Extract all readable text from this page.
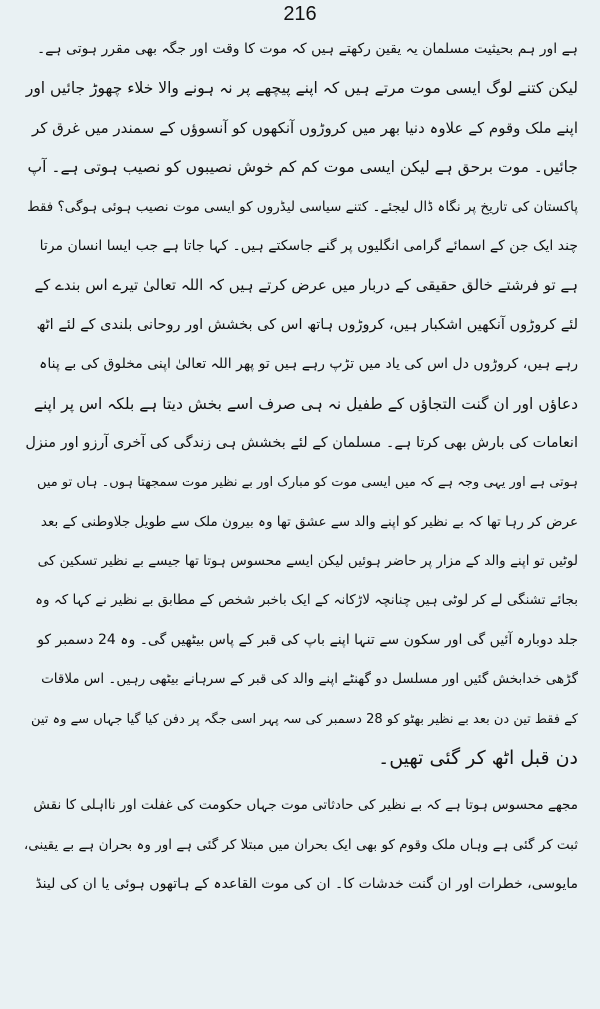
216
ہے اور ہم بحیثیت مسلمان یہ یقین رکھتے ہیں کہ موت کا وقت اور جگہ بھی مقرر ہوتی ہے۔
لیکن کتنے لوگ ایسی موت مرتے ہیں کہ اپنے پیچھے پر نہ ہونے والا خلاء چھوڑ جائیں اور
اپنے ملک وقوم کے علاوہ دنیا بھر میں کروڑوں آنکھوں کو آنسوؤں کے سمندر میں غرق کر
جائیں۔ موت برحق ہے لیکن ایسی موت کم کم خوش نصیبوں کو نصیب ہوتی ہے۔ آپ
پاکستان کی تاریخ پر نگاہ ڈال لیجئے۔ کتنے سیاسی لیڈروں کو ایسی موت نصیب ہوئی ہوگی؟ فقط
چند ایک جن کے اسمائے گرامی انگلیوں پر گنے جاسکتے ہیں۔ کہا جاتا ہے جب ایسا انسان مرتا
ہے تو فرشتے خالق حقیقی کے دربار میں عرض کرتے ہیں کہ اللہ تعالیٰ تیرے اس بندے کے
لئے کروڑوں آنکھیں اشکبار ہیں، کروڑوں ہاتھ اس کی بخشش اور روحانی بلندی کے لئے اٹھ
رہے ہیں، کروڑوں دل اس کی یاد میں تڑپ رہے ہیں تو پھر اللہ تعالیٰ اپنی مخلوق کی بے پناہ
دعاؤں اور ان گنت التجاؤں کے طفیل نہ ہی صرف اسے بخش دیتا ہے بلکہ اس پر اپنے
انعامات کی بارش بھی کرتا ہے۔ مسلمان کے لئے بخشش ہی زندگی کی آخری آرزو اور منزل
ہوتی ہے اور یہی وجہ ہے کہ میں ایسی موت کو مبارک اور بے نظیر موت سمجھتا ہوں۔ ہاں تو میں
عرض کر رہا تھا کہ بے نظیر کو اپنے والد سے عشق تھا وہ بیرون ملک سے طویل جلاوطنی کے بعد
لوٹیں تو اپنے والد کے مزار پر حاضر ہوئیں لیکن ایسے محسوس ہوتا تھا جیسے بے نظیر تسکین کی
بجائے تشنگی لے کر لوٹی ہیں چنانچہ لاڑکانہ کے ایک باخبر شخص کے مطابق بے نظیر نے کہا کہ وہ
جلد دوبارہ آئیں گی اور سکون سے تنہا اپنے باپ کی قبر کے پاس بیٹھیں گی۔ وہ 24 دسمبر کو
گڑھی خدابخش گئیں اور مسلسل دو گھنٹے اپنے والد کی قبر کے سرہانے بیٹھی رہیں۔ اس ملاقات
کے فقط تین دن بعد بے نظیر بھٹو کو 28 دسمبر کی سہ پہر اسی جگہ پر دفن کیا گیا جہاں سے وہ تین
دن قبل اٹھ کر گئی تھیں۔
مجھے محسوس ہوتا ہے کہ بے نظیر کی حادثاتی موت جہاں حکومت کی غفلت اور نااہلی کا نقش
ثبت کر گئی ہے وہاں ملک وقوم کو بھی ایک بحران میں مبتلا کر گئی ہے اور وہ بحران ہے بے یقینی،
مایوسی، خطرات اور ان گنت خدشات کا۔ ان کی موت القاعدہ کے ہاتھوں ہوئی یا ان کی لینڈ
